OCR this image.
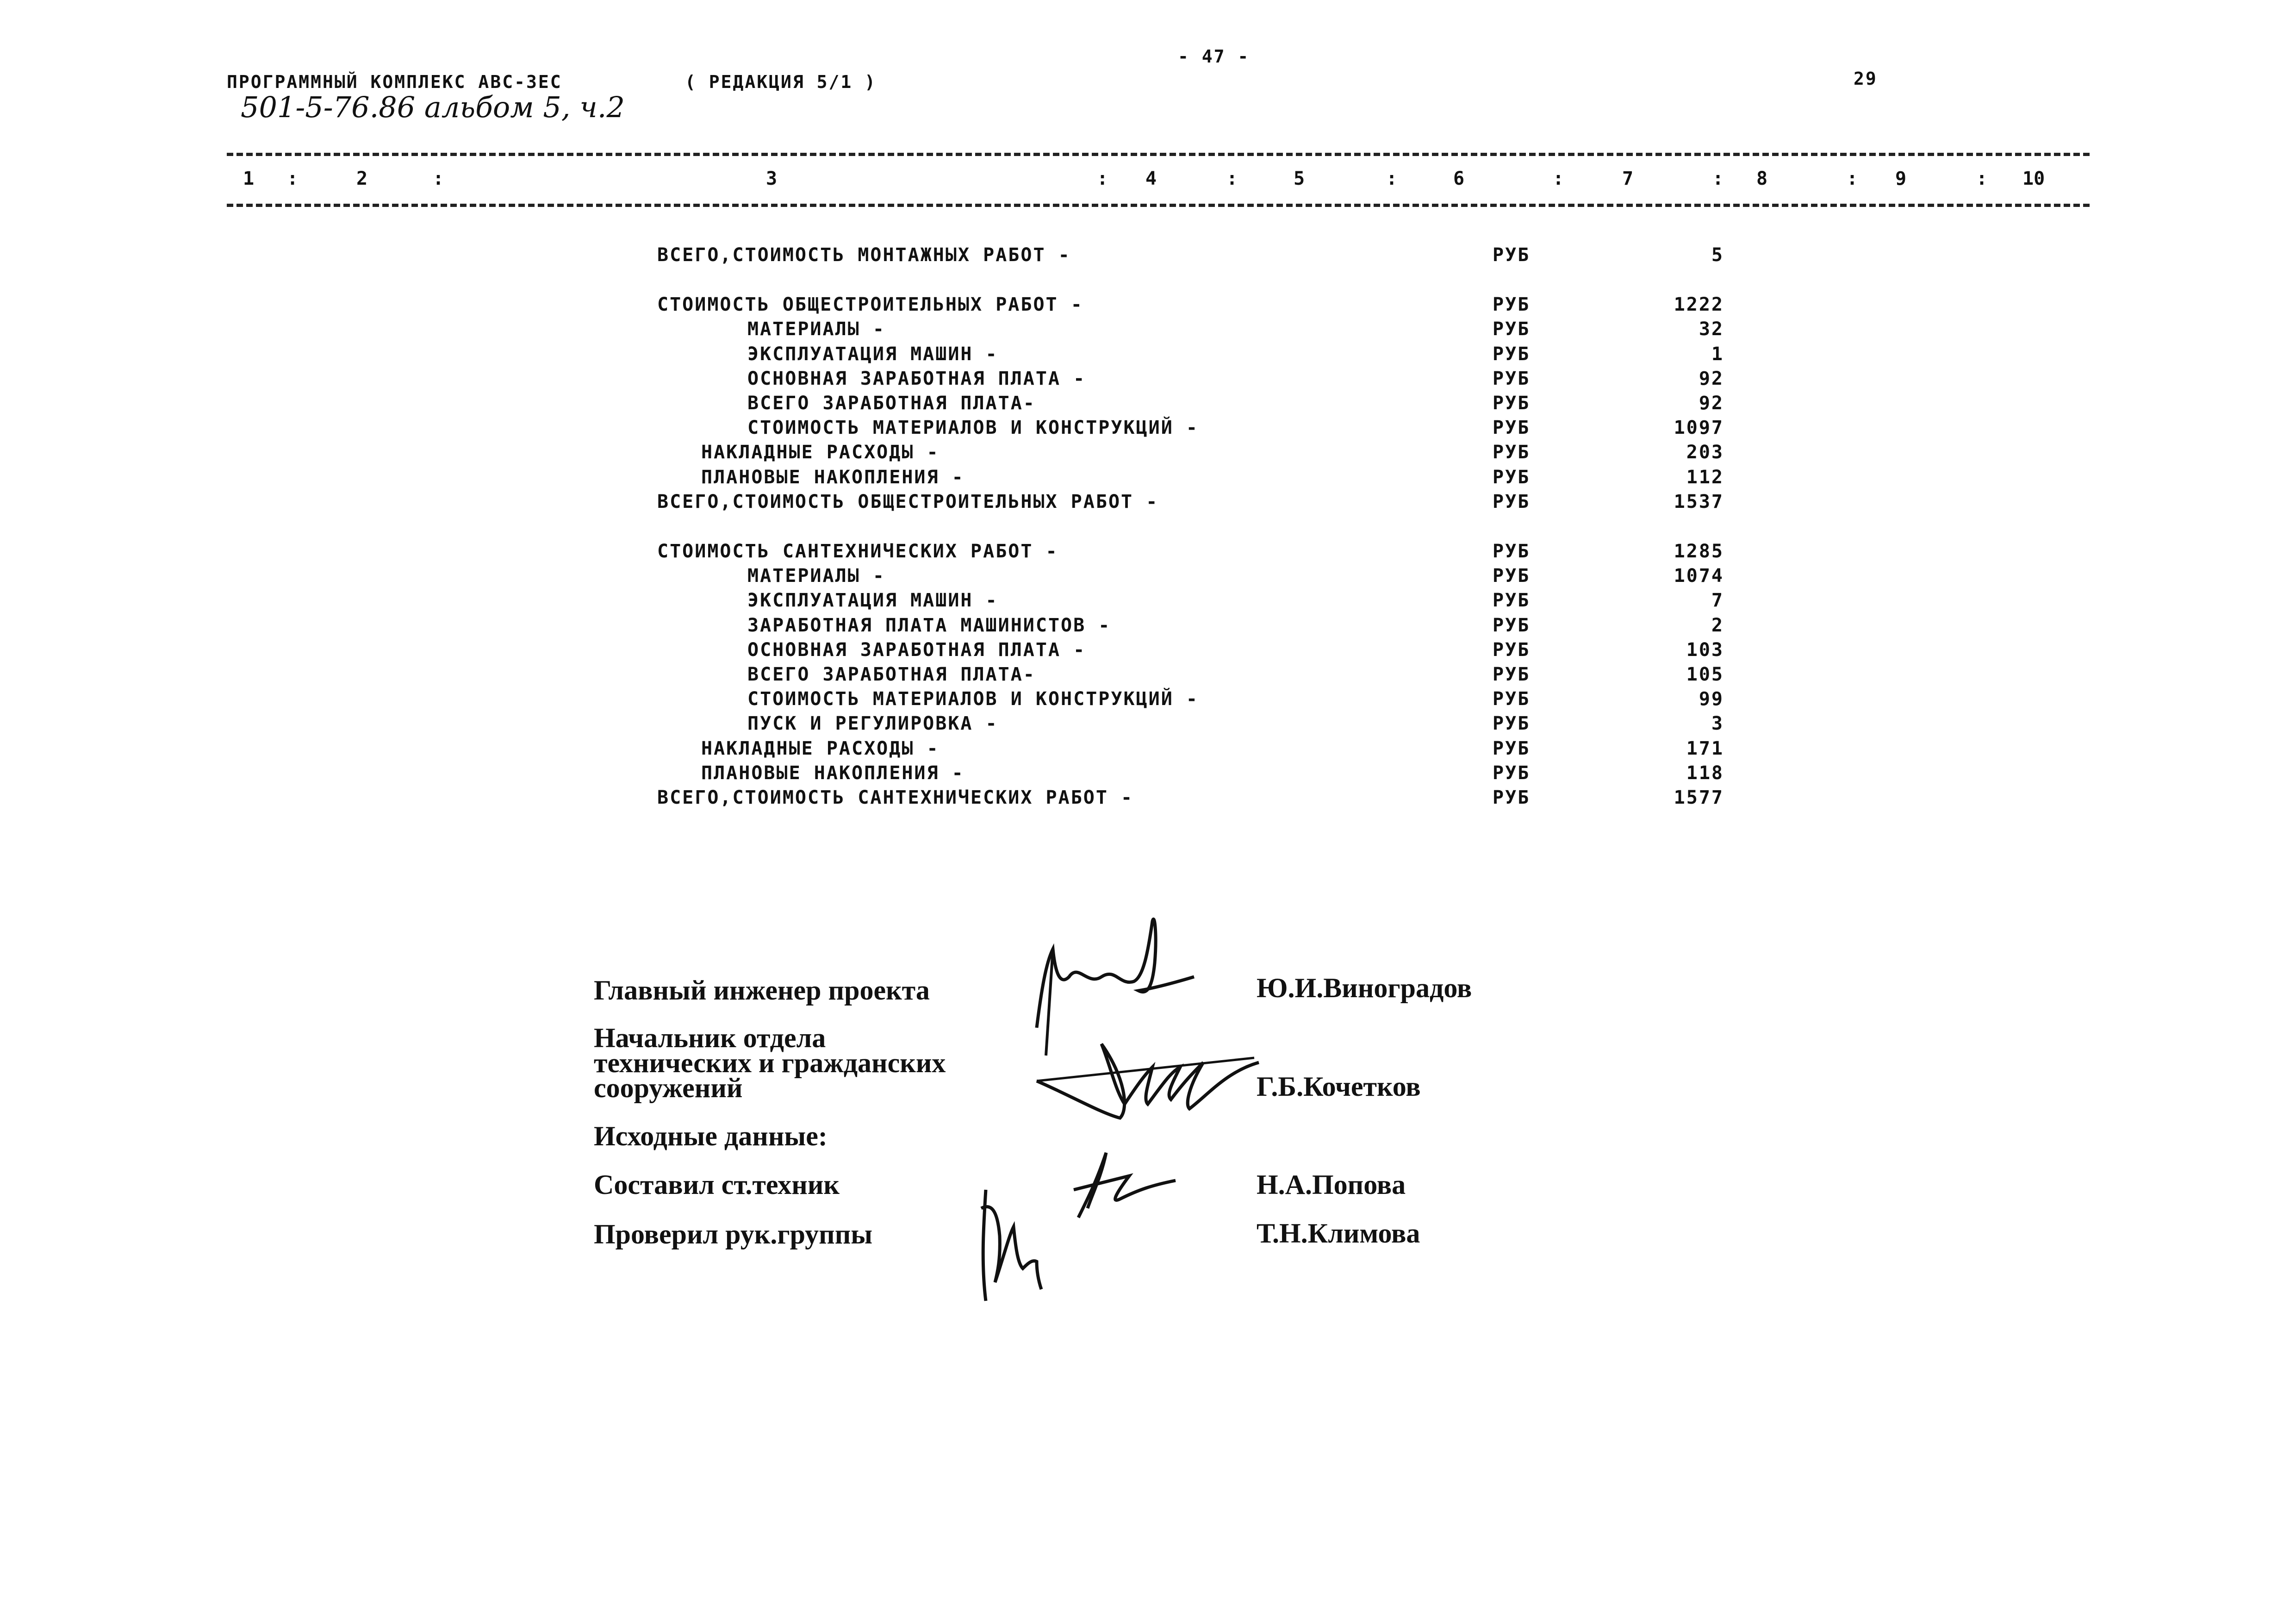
ПРОГРАММНЫЙ КОМПЛЕКС АВС-ЗЕС	( РЕДАКЦИЯ 5/1 )
501-5-76.86 альбом 5, ч.2
- 47 -
29
1 :	2	:	3	: 4	:	5	:	6	:	7	: 8	: 9	: 10
ВСЕГО,СТОИМОСТЬ МОНТАЖНЫХ РАБОТ -	РУБ	5
СТОИМОСТЬ ОБЩЕСТРОИТЕЛЬНЫХ РАБОТ -	РУБ	1222
МАТЕРИАЛЫ -	РУБ	32
ЭКСПЛУАТАЦИЯ МАШИН -	РУБ	1
ОСНОВНАЯ ЗАРАБОТНАЯ ПЛАТА -	РУБ	92
ВСЕГО ЗАРАБОТНАЯ ПЛАТА-	РУБ	92
СТОИМОСТЬ МАТЕРИАЛОВ И КОНСТРУКЦИЙ -	РУБ	1097
НАКЛАДНЫЕ РАСХОДЫ -	РУБ	203
ПЛАНОВЫЕ НАКОПЛЕНИЯ -	РУБ	112
ВСЕГО,СТОИМОСТЬ ОБЩЕСТРОИТЕЛЬНЫХ РАБОТ -	РУБ	1537
СТОИМОСТЬ САНТЕХНИЧЕСКИХ РАБОТ -	РУБ	1285
МАТЕРИАЛЫ -	РУБ	1074
ЭКСПЛУАТАЦИЯ МАШИН -	РУБ	7
ЗАРАБОТНАЯ ПЛАТА МАШИНИСТОВ -	РУБ	2
ОСНОВНАЯ ЗАРАБОТНАЯ ПЛАТА -	РУБ	103
ВСЕГО ЗАРАБОТНАЯ ПЛАТА-	РУБ	105
СТОИМОСТЬ МАТЕРИАЛОВ И КОНСТРУКЦИЙ -	РУБ	99
ПУСК И РЕГУЛИРОВКА -	РУБ	3
НАКЛАДНЫЕ РАСХОДЫ -	РУБ	171
ПЛАНОВЫЕ НАКОПЛЕНИЯ -	РУБ	118
ВСЕГО,СТОИМОСТЬ САНТЕХНИЧЕСКИХ РАБОТ -	РУБ	1577
Главный инженер проекта	Ю.И.Виноградов
Начальник отдела
технических и гражданских
сооружений	Г.Б.Кочетков
Исходные данные:
Составил ст.техник	Н.А.Попова
Проверил рук.группы	Т.Н.Климова
